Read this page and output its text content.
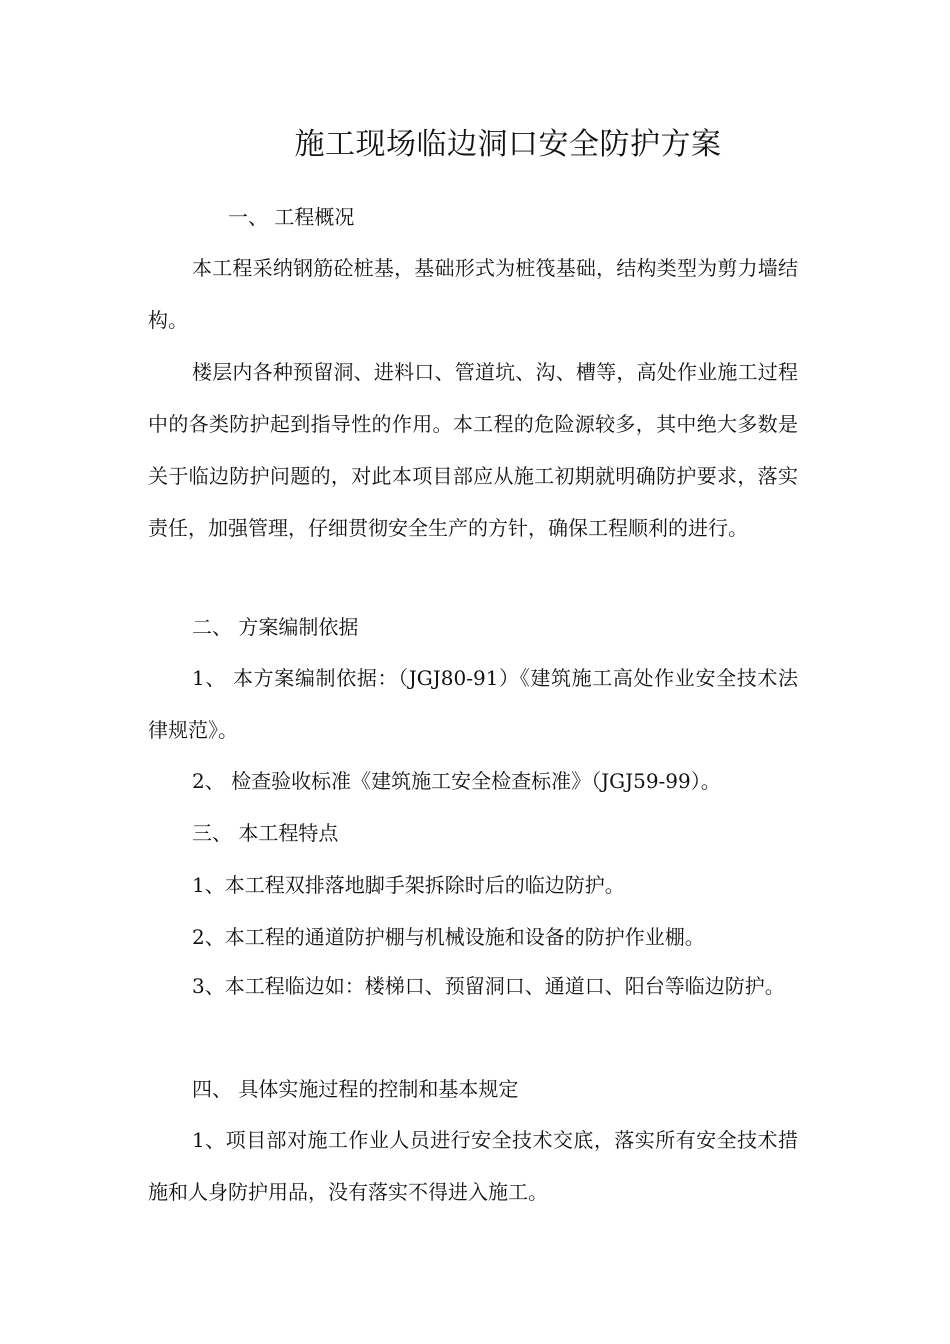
施工现场临边洞口安全防护方案
一、 工程概况
本工程采纳钢筋砼桩基，基础形式为桩筏基础，结构类型为剪力墙结构。
楼层内各种预留洞、进料口、管道坑、沟、槽等，高处作业施工过程中的各类防护起到指导性的作用。本工程的危险源较多，其中绝大多数是关于临边防护问题的，对此本项目部应从施工初期就明确防护要求，落实责任，加强管理，仔细贯彻安全生产的方针，确保工程顺利的进行。
二、 方案编制依据
1、 本方案编制依据：（JGJ80-91）《建筑施工高处作业安全技术法律规范》。
2、 检查验收标准《建筑施工安全检查标准》（JGJ59-99）。
三、 本工程特点
1、本工程双排落地脚手架拆除时后的临边防护。
2、本工程的通道防护棚与机械设施和设备的防护作业棚。
3、本工程临边如：楼梯口、预留洞口、通道口、阳台等临边防护。
四、 具体实施过程的控制和基本规定
1、项目部对施工作业人员进行安全技术交底，落实所有安全技术措施和人身防护用品，没有落实不得进入施工。
